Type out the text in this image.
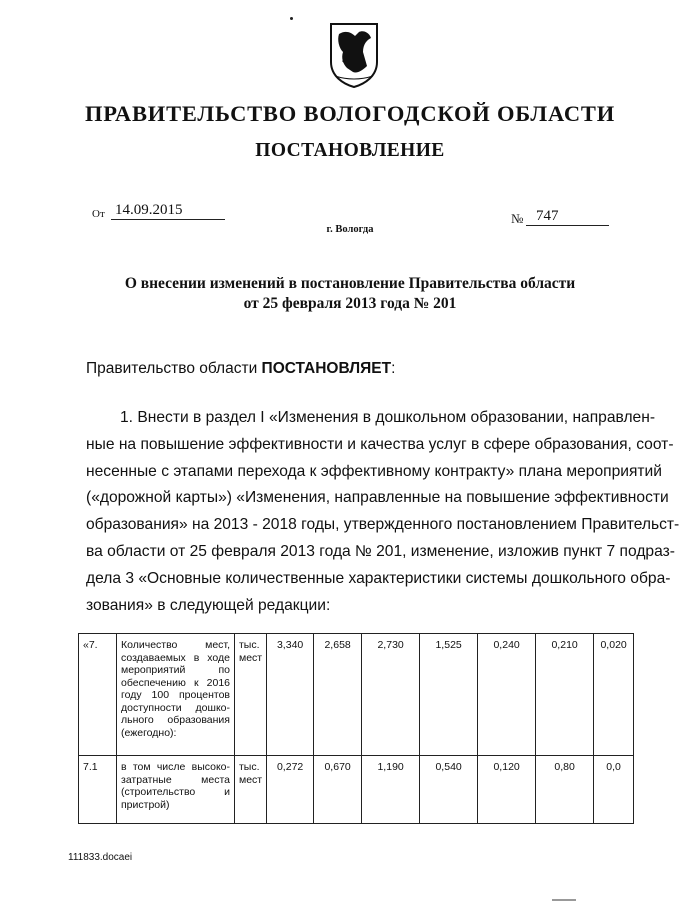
ПРАВИТЕЛЬСТВО ВОЛОГОДСКОЙ ОБЛАСТИ
ПОСТАНОВЛЕНИЕ
От 14.09.2015
№ 747
г. Вологда
О внесении изменений в постановление Правительства области
от 25 февраля 2013 года № 201
Правительство области ПОСТАНОВЛЯЕТ:
1. Внести в раздел I «Изменения в дошкольном образовании, направлен-
ные на повышение эффективности и качества услуг в сфере образования, соот-
несенные с этапами перехода к эффективному контракту» плана мероприятий
(«дорожной карты») «Изменения, направленные на повышение эффективности
образования» на 2013 - 2018 годы, утвержденного постановлением Правительст-
ва области от 25 февраля 2013 года № 201, изменение, изложив пункт 7 подраз-
дела 3 «Основные количественные характеристики системы дошкольного обра-
зования» в следующей редакции:
«7.	Количество мест, создаваемых в ходе мероприятий по обеспечению к 2016 году 100 процентов доступности дошко-льного образования (ежегодно):	тыс. мест	3,340	2,658	2,730	1,525	0,240	0,210	0,020
7.1	в том числе высоко-затратные места (строительство и пристрой)	тыс. мест	0,272	0,670	1,190	0,540	0,120	0,80	0,0
111833.docaei
